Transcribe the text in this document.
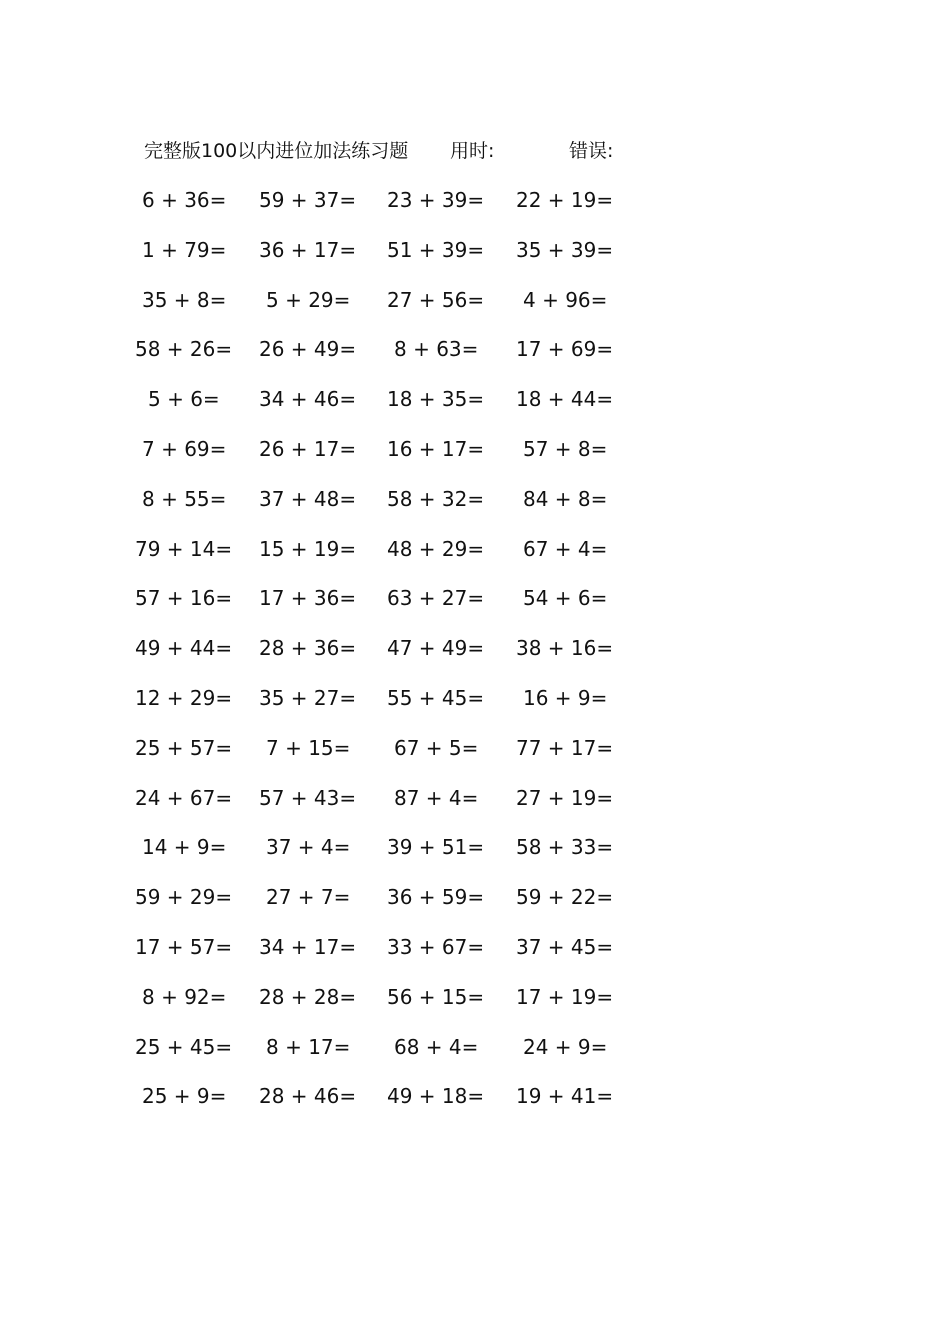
完整版100以内进位加法练习题 用时:	错误:
6 + 36= 59 + 37= 23 + 39= 22 + 19=
1 + 79= 36 + 17= 51 + 39= 35 + 39=
35 + 8= 5 + 29= 27 + 56= 4 + 96=
58 + 26= 26 + 49= 8 + 63= 17 + 69=
5 + 6= 34 + 46= 18 + 35= 18 + 44=
7 + 69= 26 + 17= 16 + 17= 57 + 8=
8 + 55= 37 + 48= 58 + 32= 84 + 8=
79 + 14= 15 + 19= 48 + 29= 67 + 4=
57 + 16= 17 + 36= 63 + 27= 54 + 6=
49 + 44= 28 + 36= 47 + 49= 38 + 16=
12 + 29= 35 + 27= 55 + 45= 16 + 9=
25 + 57= 7 + 15= 67 + 5= 77 + 17=
24 + 67= 57 + 43= 87 + 4= 27 + 19=
14 + 9= 37 + 4= 39 + 51= 58 + 33=
59 + 29= 27 + 7= 36 + 59= 59 + 22=
17 + 57= 34 + 17= 33 + 67= 37 + 45=
8 + 92= 28 + 28= 56 + 15= 17 + 19=
25 + 45= 8 + 17= 68 + 4= 24 + 9=
25 + 9= 28 + 46= 49 + 18= 19 + 41=
